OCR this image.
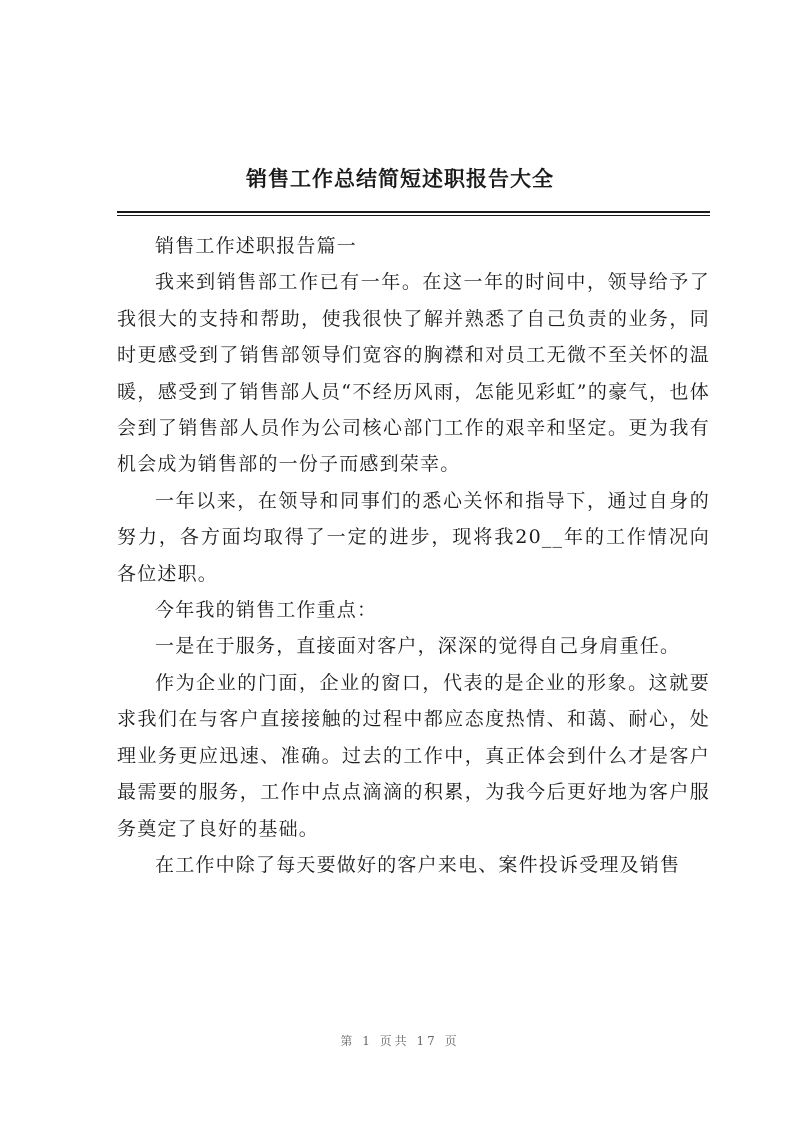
销售工作总结简短述职报告大全

销售工作述职报告篇一

我来到销售部工作已有一年。在这一年的时间中，领导给予了我很大的支持和帮助，使我很快了解并熟悉了自己负责的业务，同时更感受到了销售部领导们宽容的胸襟和对员工无微不至关怀的温暖，感受到了销售部人员“不经历风雨，怎能见彩虹”的豪气，也体会到了销售部人员作为公司核心部门工作的艰辛和坚定。更为我有机会成为销售部的一份子而感到荣幸。

一年以来，在领导和同事们的悉心关怀和指导下，通过自身的努力，各方面均取得了一定的进步，现将我20__年的工作情况向各位述职。

今年我的销售工作重点：

一是在于服务，直接面对客户，深深的觉得自己身肩重任。

作为企业的门面，企业的窗口，代表的是企业的形象。这就要求我们在与客户直接接触的过程中都应态度热情、和蔼、耐心，处理业务更应迅速、准确。过去的工作中，真正体会到什么才是客户最需要的服务，工作中点点滴滴的积累，为我今后更好地为客户服务奠定了良好的基础。

在工作中除了每天要做好的客户来电、案件投诉受理及销售

第 1 页共 17 页
